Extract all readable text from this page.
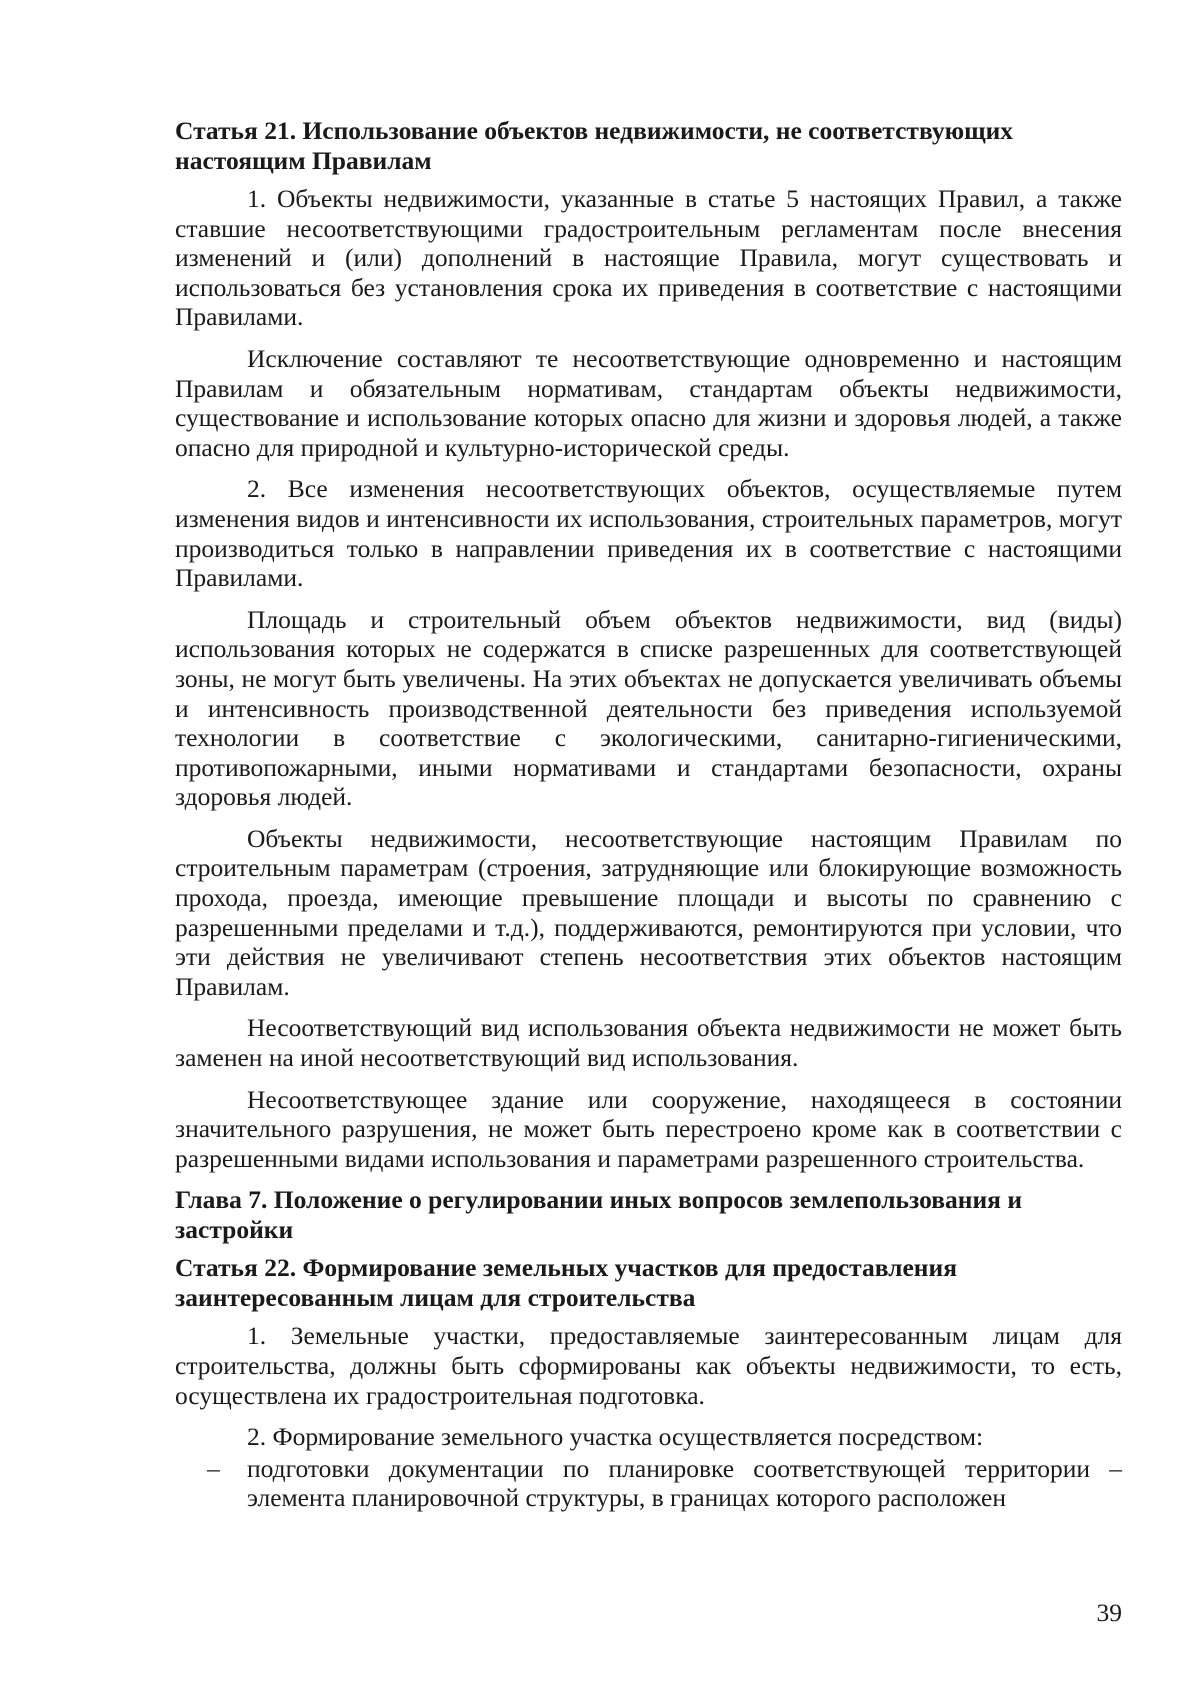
Статья 21. Использование объектов недвижимости, не соответствующих настоящим Правилам

1. Объекты недвижимости, указанные в статье 5 настоящих Правил, а также ставшие несоответствующими градостроительным регламентам после внесения изменений и (или) дополнений в настоящие Правила, могут существовать и использоваться без установления срока их приведения в соответствие с настоящими Правилами.

Исключение составляют те несоответствующие одновременно и настоящим Правилам и обязательным нормативам, стандартам объекты недвижимости, существование и использование которых опасно для жизни и здоровья людей, а также опасно для природной и культурно-исторической среды.

2. Все изменения несоответствующих объектов, осуществляемые путем изменения видов и интенсивности их использования, строительных параметров, могут производиться только в направлении приведения их в соответствие с настоящими Правилами.

Площадь и строительный объем объектов недвижимости, вид (виды) использования которых не содержатся в списке разрешенных для соответствующей зоны, не могут быть увеличены. На этих объектах не допускается увеличивать объемы и интенсивность производственной деятельности без приведения используемой технологии в соответствие с экологическими, санитарно-гигиеническими, противопожарными, иными нормативами и стандартами безопасности, охраны здоровья людей.

Объекты недвижимости, несоответствующие настоящим Правилам по строительным параметрам (строения, затрудняющие или блокирующие возможность прохода, проезда, имеющие превышение площади и высоты по сравнению с разрешенными пределами и т.д.), поддерживаются, ремонтируются при условии, что эти действия не увеличивают степень несоответствия этих объектов настоящим Правилам.

Несоответствующий вид использования объекта недвижимости не может быть заменен на иной несоответствующий вид использования.

Несоответствующее здание или сооружение, находящееся в состоянии значительного разрушения, не может быть перестроено кроме как в соответствии с разрешенными видами использования и параметрами разрешенного строительства.

Глава 7. Положение о регулировании иных вопросов землепользования и застройки
Статья 22. Формирование земельных участков для предоставления заинтересованным лицам для строительства

1. Земельные участки, предоставляемые заинтересованным лицам для строительства, должны быть сформированы как объекты недвижимости, то есть, осуществлена их градостроительная подготовка.

2. Формирование земельного участка осуществляется посредством:

– подготовки документации по планировке соответствующей территории – элемента планировочной структуры, в границах которого расположен
39
